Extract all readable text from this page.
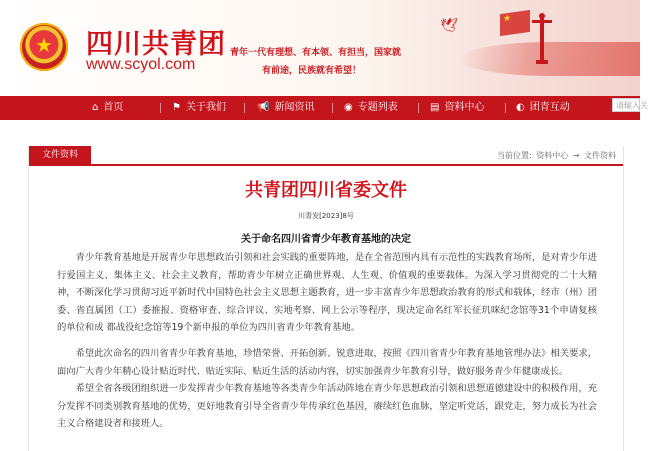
★
四川共青团
www.scyol.com
青年一代有理想、有本领、有担当，国家就
有前途，民族就有希望！
🕊
★
⌂ 首页	⚑ 关于我们	📢 新闻资讯	◉ 专题列表	▤ 资料中心	◐ 团青互动	请输入关
文件资料	当前位置: 资料中心 → 文件资料
共青团四川省委文件
川青发[2023]8号
关于命名四川省青少年教育基地的决定
青少年教育基地是开展青少年思想政治引领和社会实践的重要阵地，是在全省范围内具有示范性的实践教育场所，是对青少年进行爱国主义、集体主义、社会主义教育，帮助青少年树立正确世界观、人生观、价值观的重要载体。为深入学习贯彻党的二十大精神，不断深化学习贯彻习近平新时代中国特色社会主义思想主题教育，进一步丰富青少年思想政治教育的形式和载体，经市（州）团委、省直属团（工）委推报、资格审查、综合评议、实地考察、网上公示等程序，现决定命名红军长征玑咪纪念馆等31个申请复核的单位和成 都战役纪念馆等19个新申报的单位为四川省青少年教育基地。
希望此次命名的四川省青少年教育基地，珍惜荣誉、开拓创新、锐意进取，按照《四川省青少年教育基地管理办法》相关要求，面向广大青少年精心设计贴近时代、贴近实际、贴近生活的活动内容，切实加强青少年教育引导，做好服务青少年健康成长。
希望全省各级团组织进一步发挥青少年教育基地等各类青少年活动阵地在青少年思想政治引领和思想道德建设中的积极作用，充分发挥不同类别教育基地的优势，更好地教育引导全省青少年传承红色基因，赓续红色血脉，坚定听党话，跟党走，努力成长为社会主义合格建设者和接班人。
